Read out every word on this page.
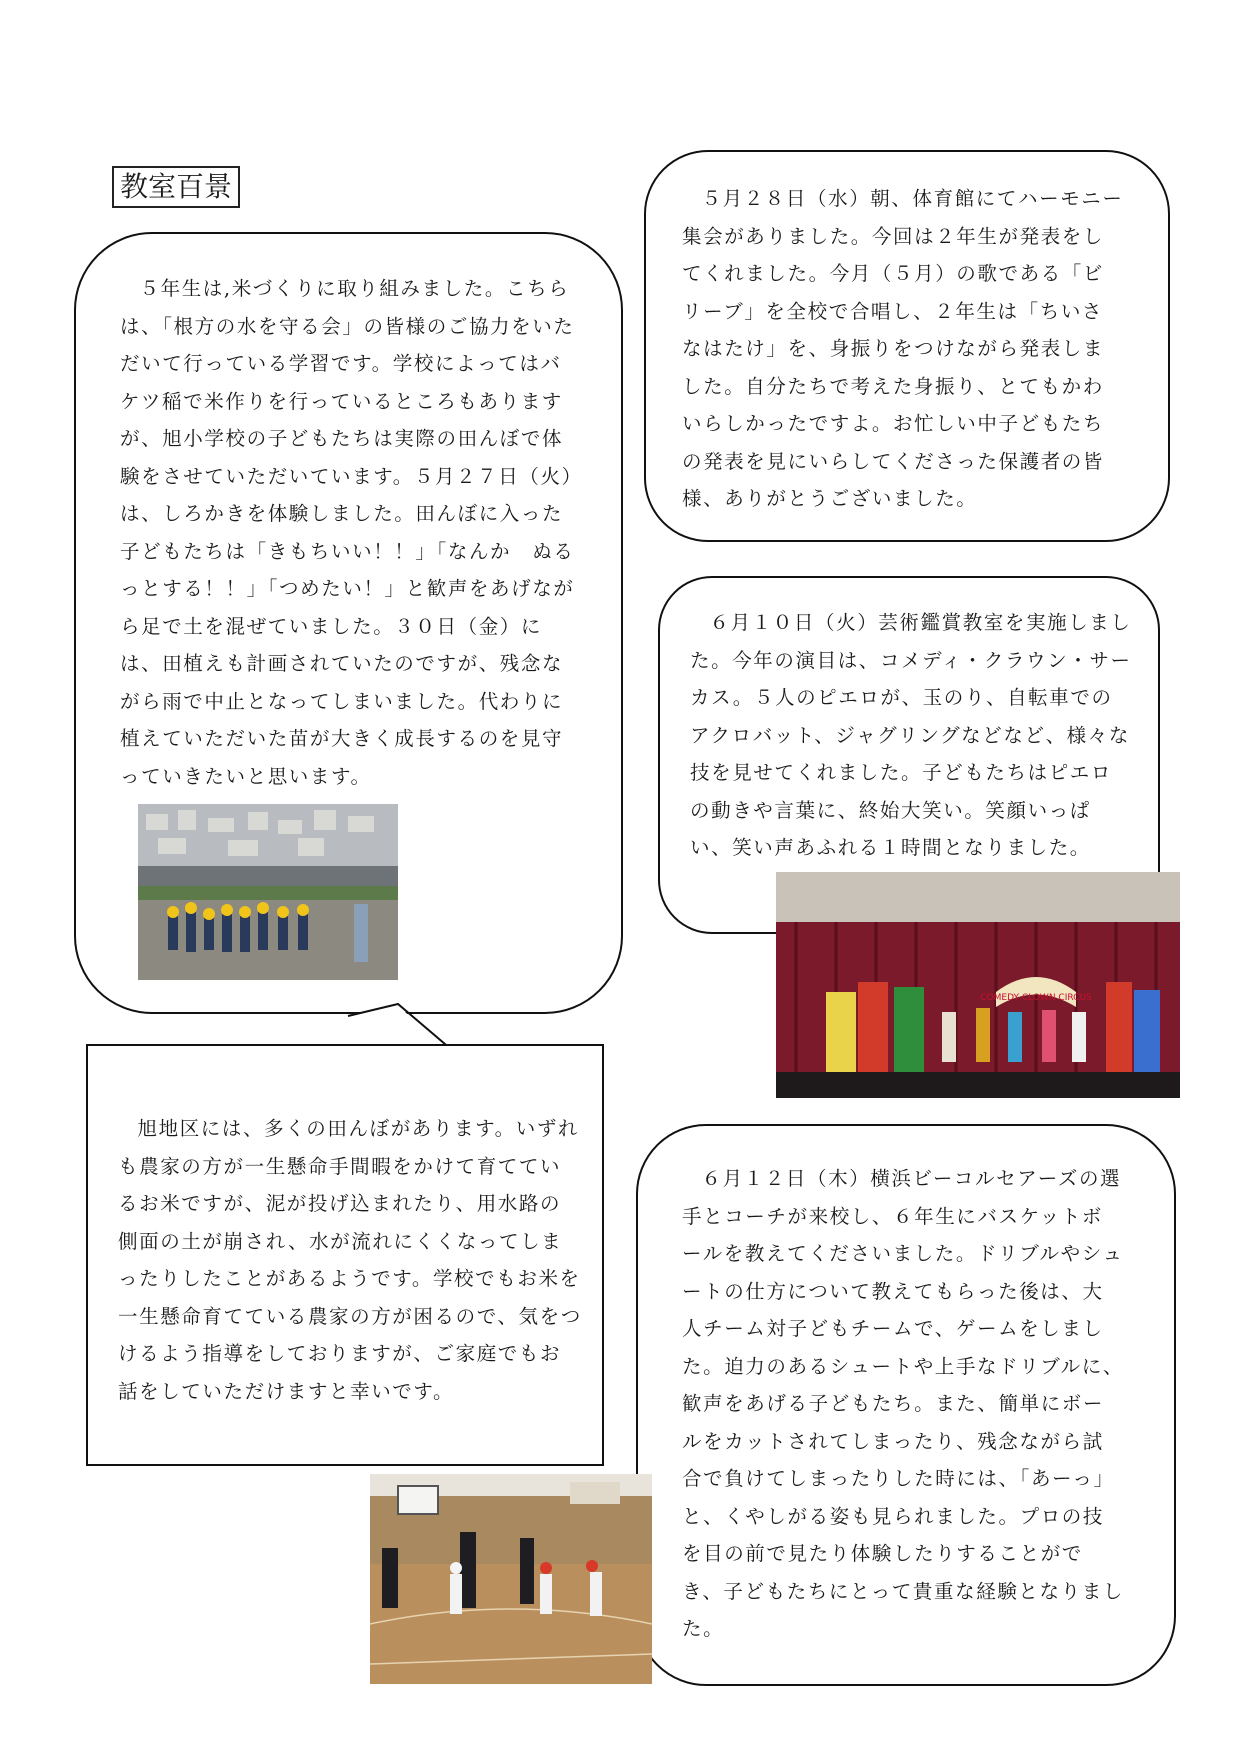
教室百景

５年生は,米づくりに取り組みました。こちらは、「根方の水を守る会」の皆様のご協力をいただいて行っている学習です。学校によってはバケツ稲で米作りを行っているところもありますが、旭小学校の子どもたちは実際の田んぼで体験をさせていただいています。５月２７日（火）は、しろかきを体験しました。田んぼに入った子どもたちは「きもちいい！！」「なんか　ぬるっとする！！」「つめたい！」と歓声をあげながら足で土を混ぜていました。３０日（金）には、田植えも計画されていたのですが、残念ながら雨で中止となってしまいました。代わりに植えていただいた苗が大きく成長するのを見守っていきたいと思います。

５月２８日（水）朝、体育館にてハーモニー集会がありました。今回は２年生が発表をしてくれました。今月（５月）の歌である「ビリーブ」を全校で合唱し、２年生は「ちいさなはたけ」を、身振りをつけながら発表しました。自分たちで考えた身振り、とてもかわいらしかったですよ。お忙しい中子どもたちの発表を見にいらしてくださった保護者の皆様、ありがとうございました。

６月１０日（火）芸術鑑賞教室を実施しました。今年の演目は、コメディ・クラウン・サーカス。５人のピエロが、玉のり、自転車でのアクロバット、ジャグリングなどなど、様々な技を見せてくれました。子どもたちはピエロの動きや言葉に、終始大笑い。笑顔いっぱい、笑い声あふれる１時間となりました。

COMEDY CLOWN CIRCUS

旭地区には、多くの田んぼがあります。いずれも農家の方が一生懸命手間暇をかけて育てているお米ですが、泥が投げ込まれたり、用水路の側面の土が崩され、水が流れにくくなってしまったりしたことがあるようです。学校でもお米を一生懸命育てている農家の方が困るので、気をつけるよう指導をしておりますが、ご家庭でもお話をしていただけますと幸いです。

６月１２日（木）横浜ビーコルセアーズの選手とコーチが来校し、６年生にバスケットボールを教えてくださいました。ドリブルやシュートの仕方について教えてもらった後は、大人チーム対子どもチームで、ゲームをしました。迫力のあるシュートや上手なドリブルに、歓声をあげる子どもたち。また、簡単にボールをカットされてしまったり、残念ながら試合で負けてしまったりした時には、「あーっ」と、くやしがる姿も見られました。プロの技を目の前で見たり体験したりすることができ、子どもたちにとって貴重な経験となりました。
